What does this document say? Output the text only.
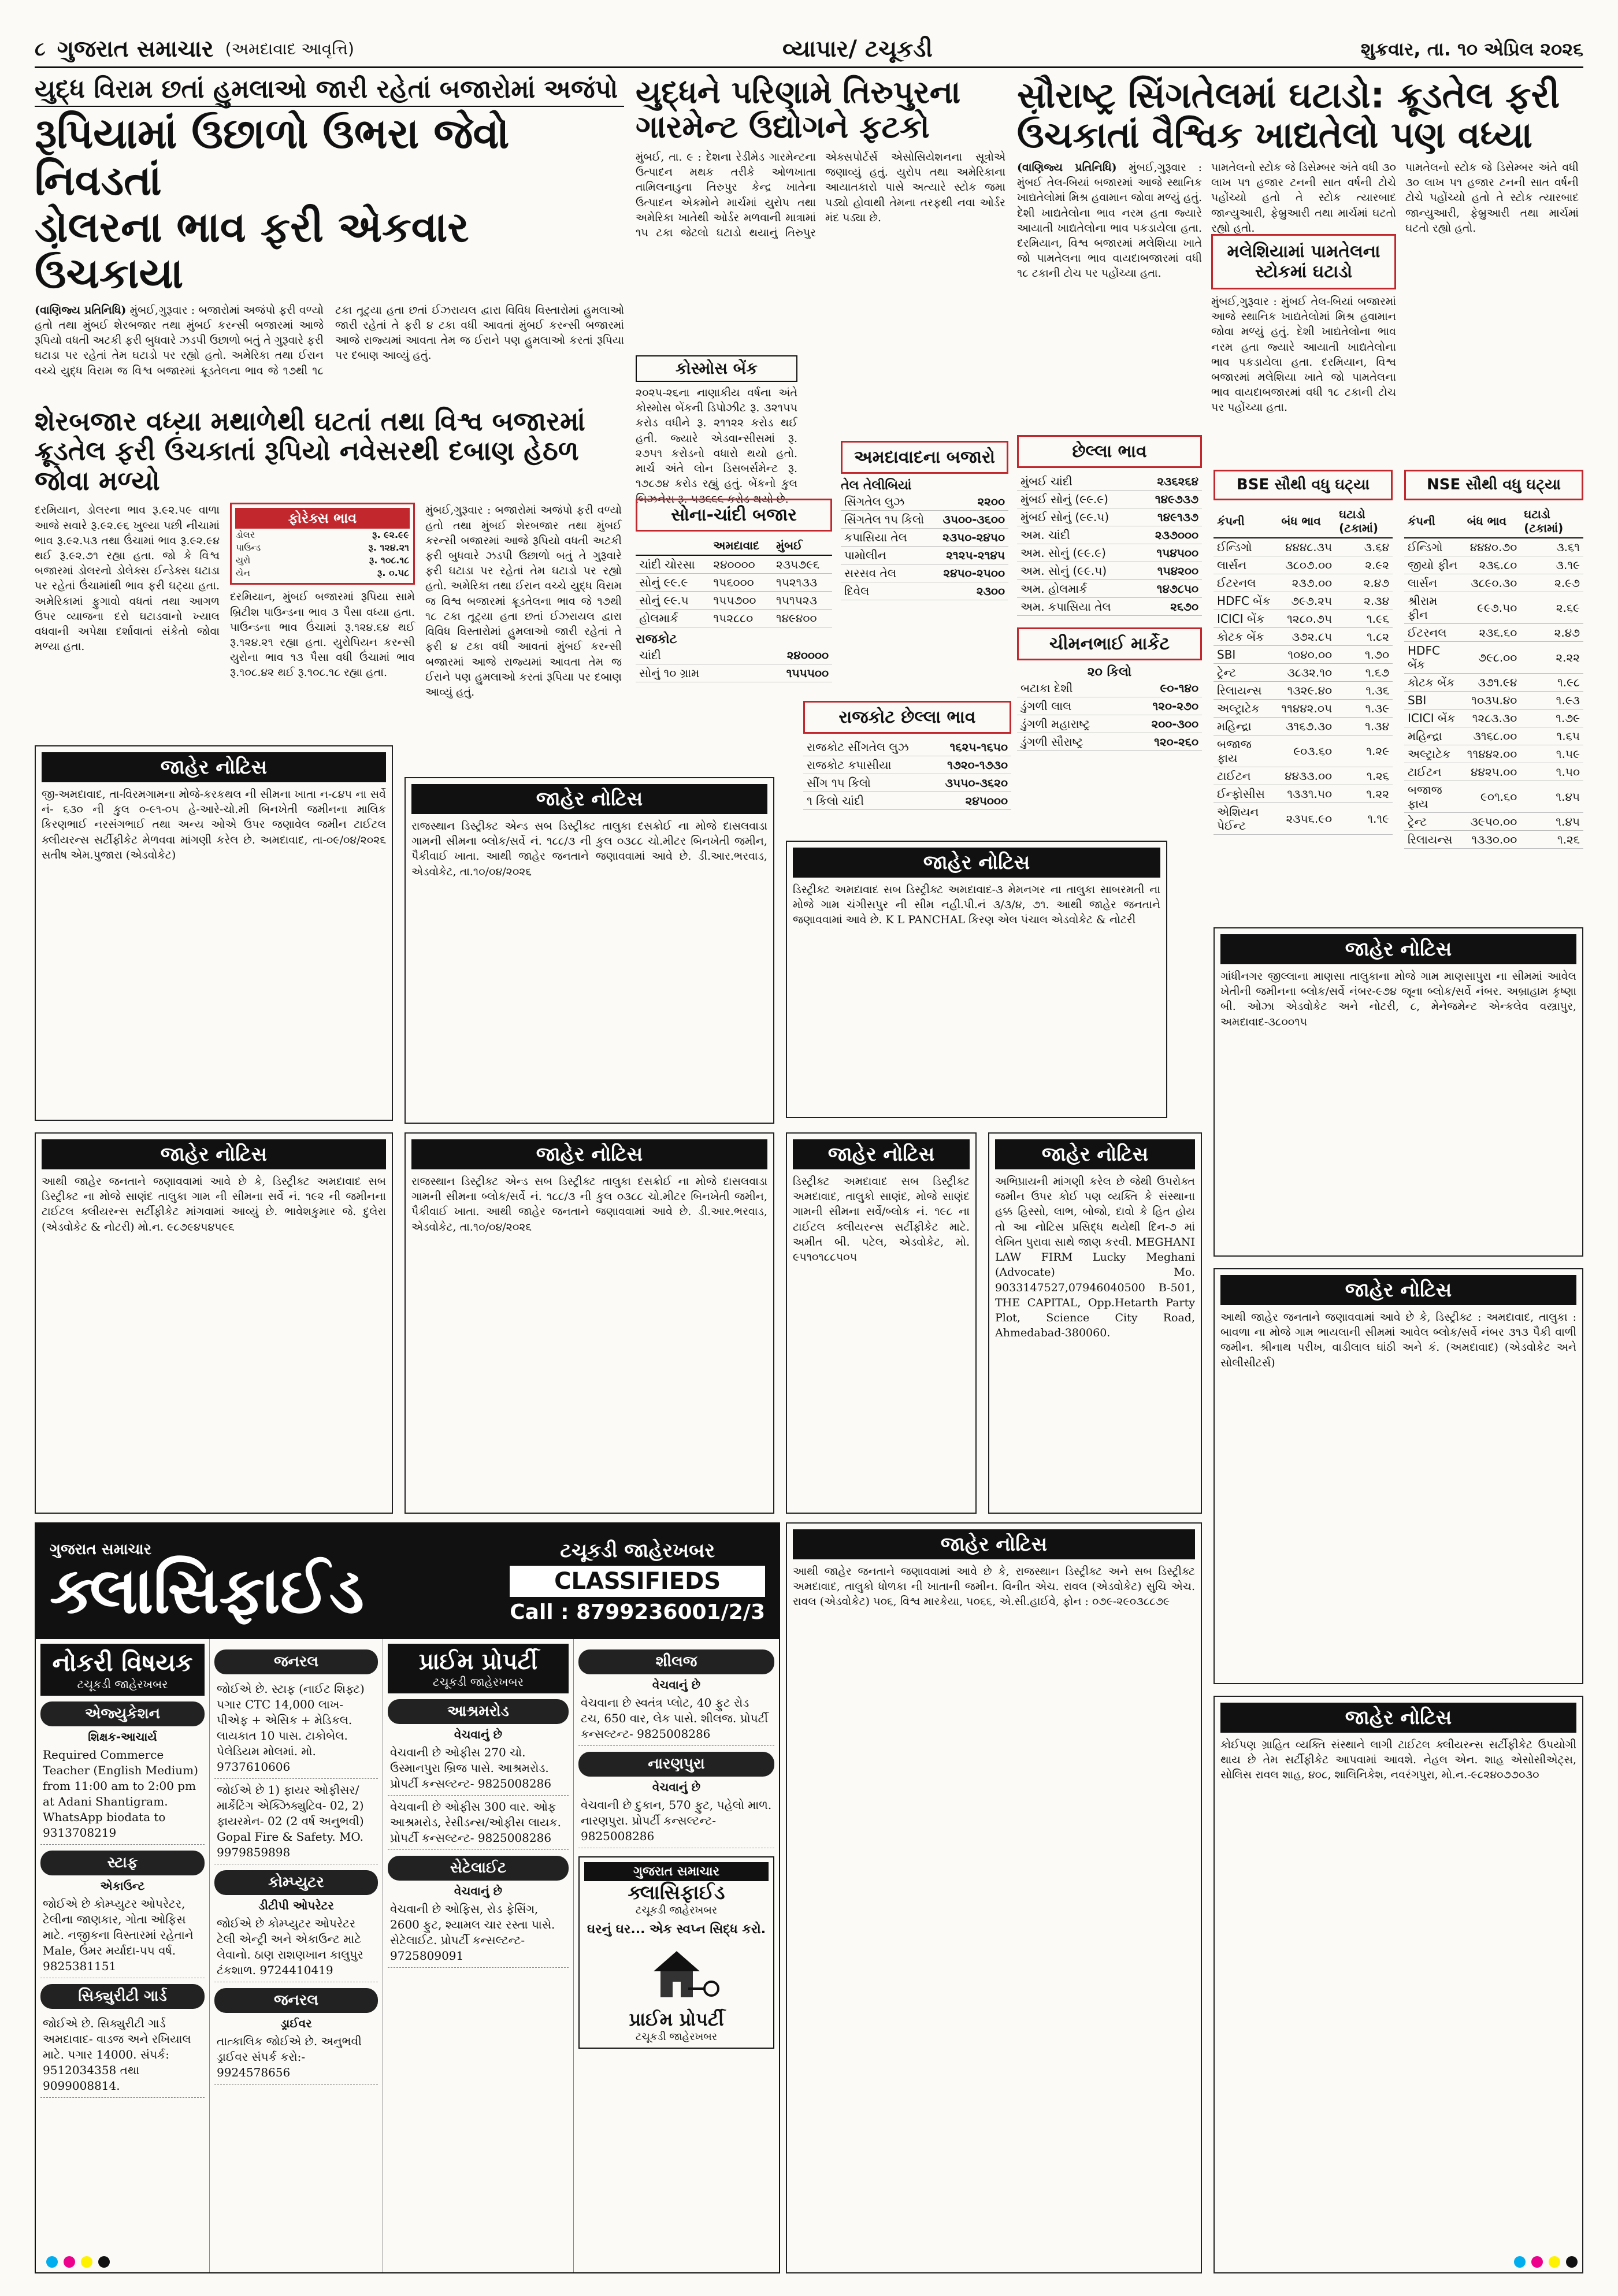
૮ ગુજરાત સમાચાર (અમદાવાદ આવૃત્તિ)	વ્યાપાર/ ટચૂકડી	શુક્રવાર, તા. ૧૦ એપ્રિલ ૨૦૨૬
યુદ્ધ વિરામ છતાં હુમલાઓ જારી રહેતાં બજારોમાં અજંપો
રૂપિયામાં ઉછાળો ઉભરા જેવો નિવડતાં
ડોલરના ભાવ ફરી એકવાર ઉંચકાયા
(વાણિજ્ય પ્રતિનિધિ) મુંબઈ,ગુરૂવાર : બજારોમાં અજંપો ફરી વળ્યો હતો તથા મુંબઈ શેરબજાર તથા મુંબઈ કરન્સી બજારમાં આજે રૂપિયો વધતી અટકી ફરી બુધવારે ઝડપી ઉછાળો બતું તે ગુરૂવારે ફરી ઘટાડા પર રહેતાં તેમ ઘટાડો પર રહ્યો હતો. અમેરિકા તથા ઈરાન વચ્ચે યુદ્ધ વિરામ જ વિશ્વ બજારમાં ક્રૂડતેલના ભાવ જે ૧૭થી ૧૮ ટકા તૂટ્યા હતા છતાં ઈઝરાયલ દ્વારા વિવિધ વિસ્તારોમાં હુમલાઓ જારી રહેતાં તે ફરી ૪ ટકા વધી આવતાં મુંબઈ કરન્સી બજારમાં આજે રાજ્યમાં આવતા તેમ જ ઈરાને પણ હુમલાઓ કરતાં રૂપિયા પર દબાણ આવ્યું હતું.
શેરબજાર વધ્યા મથાળેથી ઘટતાં તથા વિશ્વ બજારમાં ક્રૂડતેલ ફરી ઉંચકાતાં રૂપિયો નવેસરથી દબાણ હેઠળ જોવા મળ્યો
દરમિયાન, ડોલરના ભાવ રૂ.૯૨.૫૯ વાળા આજે સવારે રૂ.૯૨.૯૬ ખુલ્યા પછી નીચામાં ભાવ રૂ.૯૨.૫૩ તથા ઉંચામાં ભાવ રૂ.૯૨.૯૪ થઈ રૂ.૯૨.૭૧ રહ્યા હતા. જો કે વિશ્વ બજારમાં ડોલરનો ડોલેક્સ ઈન્ડેક્સ ઘટાડા પર રહેતાં ઉંચામાંથી ભાવ ફરી ઘટ્યા હતા. અમેરિકામાં ફુગાવો વધતાં તથા આગળ ઉપર વ્યાજના દરો ઘટાડવાનો ખ્યાલ વધવાની અપેક્ષા દર્શાવાતાં સંકેતો જોવા મળ્યા હતા.
ફોરેક્સ ભાવ
ડોલર	રૂ. ૯૨.૯૯
પાઉન્ડ	રૂ. ૧૨૪.૨૧
યુરો	રૂ. ૧૦૮.૧૮
યેન	રૂ. ૦.૫૮
દરમિયાન, મુંબઈ બજારમાં રૂપિયા સામે બ્રિટીશ પાઉન્ડના ભાવ ૩ પૈસા વધ્યા હતા. પાઉન્ડના ભાવ ઉંચામાં રૂ.૧૨૪.૬૪ થઈ રૂ.૧૨૪.૨૧ રહ્યા હતા. યુરોપિયન કરન્સી યુરોના ભાવ ૧૩ પૈસા વધી ઉંચામાં ભાવ રૂ.૧૦૮.૪૨ થઈ રૂ.૧૦૮.૧૮ રહ્યા હતા.
મુંબઈ,ગુરૂવાર : બજારોમાં અજંપો ફરી વળ્યો હતો તથા મુંબઈ શેરબજાર તથા મુંબઈ કરન્સી બજારમાં આજે રૂપિયો વધતી અટકી ફરી બુધવારે ઝડપી ઉછાળો બતું તે ગુરૂવારે ફરી ઘટાડા પર રહેતાં તેમ ઘટાડો પર રહ્યો હતો. અમેરિકા તથા ઈરાન વચ્ચે યુદ્ધ વિરામ જ વિશ્વ બજારમાં ક્રૂડતેલના ભાવ જે ૧૭થી ૧૮ ટકા તૂટ્યા હતા છતાં ઈઝરાયલ દ્વારા વિવિધ વિસ્તારોમાં હુમલાઓ જારી રહેતાં તે ફરી ૪ ટકા વધી આવતાં મુંબઈ કરન્સી બજારમાં આજે રાજ્યમાં આવતા તેમ જ ઈરાને પણ હુમલાઓ કરતાં રૂપિયા પર દબાણ આવ્યું હતું.
યુદ્ધને પરિણામે તિરુપુરના ગારમેન્ટ ઉદ્યોગને ફટકો
મુંબઈ, તા. ૯ : દેશના રેડીમેડ ગારમેન્ટના ઉત્પાદન મથક તરીકે ઓળખાતા તામિલનાડુના તિરુપુર કેન્દ્ર ખાતેના ઉત્પાદન એકમોને માર્ચમાં યુરોપ તથા અમેરિકા ખાતેથી ઓર્ડર મળવાની માત્રામાં ૧૫ ટકા જેટલો ઘટાડો થયાનું તિરુપુર એક્સપોર્ટર્સ એસોસિયેશનના સૂત્રોએ જણાવ્યું હતું. યુરોપ તથા અમેરિકાના આયાતકારો પાસે અત્યારે સ્ટોક જમા પડ્યો હોવાથી તેમના તરફથી નવા ઓર્ડર મંદ પડ્યા છે.
કોસ્મોસ બેંક
૨૦૨૫-૨૬ના નાણાકીય વર્ષના અંતે કોસ્મોસ બેંકની ડિપોઝીટ રૂ. ૩૨૧૫૫ કરોડ વધીને રૂ. ૨૧૧૨૨ કરોડ થઈ હતી. જ્યારે એડવાન્સીસમાં રૂ. ૨૭૫૧ કરોડનો વધારો થયો હતો. માર્ચ અંતે લોન ડિસબર્સમેન્ટ રૂ. ૧૭૮૭૪ કરોડ રહ્યું હતું. બેંકનો કુલ બિઝનેસ રૂ. ૫૩૬૬૬ કરોડ થયો છે.
સોના-ચાંદી બજાર
	અમદાવાદ	મુંબઈ
ચાંદી ચોરસા	૨૪૦૦૦૦	૨૩૫૭૯૬
સોનું ૯૯.૯	૧૫૬૦૦૦	૧૫૨૧૩૩
સોનું ૯૯.૫	૧૫૫૭૦૦	૧૫૧૫૨૩
હોલમાર્ક	૧૫૨૮૮૦	૧૪૯૪૦૦
રાજકોટ
ચાંદી	૨૪૦૦૦૦
સોનું ૧૦ ગ્રામ	૧૫૫૫૦૦
અમદાવાદના બજારો
તેલ તેલીબિયાં
સિંગતેલ લુઝ	૨૨૦૦
સિંગતેલ ૧૫ કિલો	૩૫૦૦-૩૬૦૦
કપાસિયા તેલ	૨૩૫૦-૨૪૫૦
પામોલીન	૨૧૨૫-૨૧૪૫
સરસવ તેલ	૨૪૫૦-૨૫૦૦
દિવેલ	૨૩૦૦
રાજકોટ છેલ્લા ભાવ
રાજકોટ સીંગતેલ લુઝ	૧૬૨૫-૧૬૫૦
રાજકોટ કપાસીયા	૧૭૨૦-૧૭૩૦
સીંગ ૧૫ કિલો	૩૫૫૦-૩૬૨૦
૧ કિલો ચાંદી	૨૪૫૦૦૦
સૌરાષ્ટ્ર સિંગતેલમાં ઘટાડો: ક્રૂડતેલ ફરી
ઉંચકાતાં વૈશ્વિક ખાદ્યતેલો પણ વધ્યા
(વાણિજ્ય પ્રતિનિધિ) મુંબઈ,ગુરૂવાર : મુંબઈ તેલ-બિયાં બજારમાં આજે સ્થાનિક ખાદ્યતેલોમાં મિશ્ર હવામાન જોવા મળ્યું હતું. દેશી ખાદ્યતેલોના ભાવ નરમ હતા જ્યારે આયાતી ખાદ્યતેલોના ભાવ પકડાયેલા હતા. દરમિયાન, વિશ્વ બજારમાં મલેશિયા ખાતે જો પામતેલના ભાવ વાયદાબજારમાં વધી ૧૮ ટકાની ટોચ પર પહોંચ્યા હતા.
પામતેલનો સ્ટોક જે ડિસેમ્બર અંતે વધી ૩૦ લાખ ૫૧ હજાર ટનની સાત વર્ષની ટોચે પહોંચ્યો હતો તે સ્ટોક ત્યારબાદ જાન્યુઆરી, ફેબ્રુઆરી તથા માર્ચમાં ઘટતો રહ્યો હતો.
મલેશિયામાં પામતેલના સ્ટોકમાં ઘટાડો
મુંબઈ,ગુરૂવાર : મુંબઈ તેલ-બિયાં બજારમાં આજે સ્થાનિક ખાદ્યતેલોમાં મિશ્ર હવામાન જોવા મળ્યું હતું. દેશી ખાદ્યતેલોના ભાવ નરમ હતા જ્યારે આયાતી ખાદ્યતેલોના ભાવ પકડાયેલા હતા. દરમિયાન, વિશ્વ બજારમાં મલેશિયા ખાતે જો પામતેલના ભાવ વાયદાબજારમાં વધી ૧૮ ટકાની ટોચ પર પહોંચ્યા હતા.
પામતેલનો સ્ટોક જે ડિસેમ્બર અંતે વધી ૩૦ લાખ ૫૧ હજાર ટનની સાત વર્ષની ટોચે પહોંચ્યો હતો તે સ્ટોક ત્યારબાદ જાન્યુઆરી, ફેબ્રુઆરી તથા માર્ચમાં ઘટતો રહ્યો હતો.
છેલ્લા ભાવ
મુંબઈ ચાંદી	૨૩૬૨૬૪
મુંબઈ સોનું (૯૯.૯)	૧૪૯૭૩૭
મુંબઈ સોનું (૯૯.૫)	૧૪૯૧૩૭
અમ. ચાંદી	૨૩૭૦૦૦
અમ. સોનું (૯૯.૯)	૧૫૪૫૦૦
અમ. સોનું (૯૯.૫)	૧૫૪૨૦૦
અમ. હોલમાર્ક	૧૪૭૮૫૦
અમ. કપાસિયા તેલ	૨૬૭૦
ચીમનભાઈ માર્કેટ
૨૦ કિલો
બટાકા દેશી	૯૦-૧૪૦
ડુંગળી લાલ	૧૨૦-૨૭૦
ડુંગળી મહારાષ્ટ્ર	૨૦૦-૩૦૦
ડુંગળી સૌરાષ્ટ્ર	૧૨૦-૨૬૦
BSE સૌથી વધુ ઘટ્યા
કંપની	બંધ ભાવ	ઘટાડો (ટકામાં)
ઈન્ડિગો	૪૪૪૮.૩૫	૩.૬૪
લાર્સન	૩૮૦૭.૦૦	૨.૯૨
ઈટરનલ	૨૩૭.૦૦	૨.૪૭
HDFC બેંક	૭૯૭.૨૫	૨.૩૪
ICICI બેંક	૧૨૮૦.૭૫	૧.૯૬
કોટક બેંક	૩૭૨.૮૫	૧.૮૨
SBI	૧૦૪૦.૦૦	૧.૭૦
ટ્રેન્ટ	૩૮૩૨.૧૦	૧.૬૭
રિલાયન્સ	૧૩૨૯.૪૦	૧.૩૬
અલ્ટ્રાટેક	૧૧૪૪૨.૦૫	૧.૩૯
મહિન્દ્રા	૩૧૬૭.૩૦	૧.૩૪
બજાજ ફાય	૯૦૩.૬૦	૧.૨૯
ટાઈટન	૪૪૩૩.૦૦	૧.૨૬
ઈન્ફોસીસ	૧૩૩૧.૫૦	૧.૨૨
એશિયન પેઈન્ટ	૨૩૫૬.૯૦	૧.૧૯
NSE સૌથી વધુ ઘટ્યા
કંપની	બંધ ભાવ	ઘટાડો (ટકામાં)
ઈન્ડિગો	૪૪૪૦.૭૦	૩.૬૧
જીયો ફીન	૨૩૬.૮૦	૩.૧૯
લાર્સન	૩૮૯૦.૩૦	૨.૯૭
શ્રીરામ ફીન	૯૯૭.૫૦	૨.૬૯
ઈટરનલ	૨૩૬.૬૦	૨.૪૭
HDFC બેંક	૭૯૮.૦૦	૨.૨૨
કોટક બેંક	૩૭૧.૯૪	૧.૯૮
SBI	૧૦૩૫.૪૦	૧.૯૩
ICICI બેંક	૧૨૮૩.૩૦	૧.૭૯
મહિન્દ્રા	૩૧૬૮.૦૦	૧.૬૫
અલ્ટ્રાટેક	૧૧૪૪૨.૦૦	૧.૫૯
ટાઈટન	૪૪૨૫.૦૦	૧.૫૦
બજાજ ફાય	૯૦૧.૬૦	૧.૪૫
ટ્રેન્ટ	૩૯૫૦.૦૦	૧.૪૫
રિલાયન્સ	૧૩૩૦.૦૦	૧.૨૬
જાહેર નોટિસ
જી-અમદાવાદ, તા-વિરમગામના મોજે-કરકથલ ની સીમના ખાતા ન-૮૪૫ ના સર્વે નં- ૬૩૦ ની કુલ ૦-૯૧-૦૫ હે-આરે-ચો.મી બિનખેતી જમીનના માલિક કિરણભાઈ નરસંગભાઈ તથા અન્ય ઓએ ઉપર જણાવેલ જમીન ટાઈટલ ક્લીયરન્સ સર્ટીફીકેટ મેળવવા માંગણી કરેલ છે. અમદાવાદ, તા-૦૯/૦૪/૨૦૨૬ સતીષ એમ.પુજારા (એડવોકેટ)
જાહેર નોટિસ
રાજસ્થાન ડિસ્ટ્રીક્ટ એન્ડ સબ ડિસ્ટ્રીક્ટ તાલુકા દસક્રોઈ ના મોજે દાસલવાડા ગામની સીમના બ્લોક/સર્વે નં. ૧૮૮/૩ ની કુલ ૦૩૮૮ ચો.મીટર બિનખેતી જમીન, પૈકીવાઈ ખાતા. આથી જાહેર જનતાને જણાવવામાં આવે છે. ડી.આર.ભરવાડ, એડવોકેટ, તા.૧૦/૦૪/૨૦૨૬	જાહેર નોટિસ
ડિસ્ટ્રીક્ટ અમદાવાદ સબ ડિસ્ટ્રીક્ટ અમદાવાદ-૩ મેમનગર ના તાલુકા સાબરમતી ના મોજે ગામ ચંગીસપુર ની સીમ નહી.પી.નં ૩/૩/૪, ૭૧. આથી જાહેર જનતાને જણાવવામાં આવે છે. K L PANCHAL કિરણ એલ પંચાલ એડવોકેટ & નોટરી
જાહેર નોટિસ
ગાંધીનગર જીલ્લાના માણસા તાલુકાના મોજે ગામ માણસાપુરા ના સીમમાં આવેલ ખેતીની જમીનના બ્લોક/સર્વે નંબર-૯૭૪ જૂના બ્લોક/સર્વે નંબર. અબ્રાહામ કૃષ્ણા બી. ઓઝા એડવોકેટ અને નોટરી, ૮, મેનેજમેન્ટ એન્કલેવ વસ્ત્રાપુર, અમદાવાદ-૩૮૦૦૧૫
જાહેર નોટિસ
આથી જાહેર જનતાને જણાવવામાં આવે છે કે, ડિસ્ટ્રીક્ટ અમદાવાદ સબ ડિસ્ટ્રીક્ટ ના મોજે સાણંદ તાલુકા ગામ ની સીમના સર્વે નં. ૧૯૨ ની જમીનના ટાઈટલ ક્લીયરન્સ સર્ટીફીકેટ માંગવામાં આવ્યું છે. ભાવેશકુમાર જે. દુલેરા (એડવોકેટ & નોટરી) મો.ન. ૯૮૭૯૪૫૪૫૯૬
જાહેર નોટિસ
રાજસ્થાન ડિસ્ટ્રીક્ટ એન્ડ સબ ડિસ્ટ્રીક્ટ તાલુકા દસક્રોઈ ના મોજે દાસલવાડા ગામની સીમના બ્લોક/સર્વે નં. ૧૮૮/૩ ની કુલ ૦૩૮૮ ચો.મીટર બિનખેતી જમીન, પૈકીવાઈ ખાતા. આથી જાહેર જનતાને જણાવવામાં આવે છે. ડી.આર.ભરવાડ, એડવોકેટ, તા.૧૦/૦૪/૨૦૨૬
જાહેર નોટિસ
ડિસ્ટ્રીક્ટ અમદાવાદ સબ ડિસ્ટ્રીક્ટ અમદાવાદ, તાલુકો સાણંદ, મોજે સાણંદ ગામની સીમના સર્વે/બ્લોક નં. ૧૯૮ ના ટાઈટલ ક્લીયરન્સ સર્ટીફીકેટ માટે. અમીત બી. પટેલ, એડવોકેટ, મો. ૯૫૧૦૧૮૮૫૦૫
જાહેર નોટિસ
અભિપ્રાયની માંગણી કરેલ છે જેથી ઉપરોક્ત જમીન ઉપર કોઈ પણ વ્યક્તિ કે સંસ્થાના હક્ક હિસ્સો, લાભ, બોજો, દાવો કે હિત હોય તો આ નોટિસ પ્રસિદ્ધ થયેથી દિન-૭ માં લેખિત પુરાવા સાથે જાણ કરવી. MEGHANI LAW FIRM Lucky Meghani (Advocate) Mo. 9033147527,07946040500 B-501, THE CAPITAL, Opp.Hetarth Party Plot, Science City Road, Ahmedabad-380060.
જાહેર નોટિસ
આથી જાહેર જનતાને જણાવવામાં આવે છે કે, ડિસ્ટ્રીક્ટ : અમદાવાદ, તાલુકા : બાવળા ના મોજે ગામ ભાયલાની સીમમાં આવેલ બ્લોક/સર્વે નંબર ૩૧૩ પૈકી વાળી જમીન. શ્રીનાથ પરીખ, વાડીલાલ ઘાંઠી અને કં. (અમદાવાદ) (એડવોકેટ અને સોલીસીટર્સ)
ગુજરાત સમાચાર
ક્લાસિફાઈડ
ટચૂકડી જાહેરખબર
CLASSIFIEDS
Call : 8799236001/2/3
નોકરી વિષયક
ટચૂકડી જાહેરખબર
એજ્યુકેશન
શિક્ષક-આચાર્ય
Required Commerce Teacher (English Medium) from 11:00 am to 2:00 pm at Adani Shantigram. WhatsApp biodata to 9313708219
સ્ટાફ
એકાઉન્ટ
જોઈએ છે કોમ્પ્યુટર ઓપરેટર, ટેલીના જાણકાર, ગોતા ઓફિસ માટે. નજીકના વિસ્તારમાં રહેતાને Male, ઉંમર મર્યાદા-૫૫ વર્ષ. 9825381151
સિક્યુરીટી ગાર્ડ
જોઈએ છે. સિક્યુરીટી ગાર્ડ અમદાવાદ- વાડજ અને રખિયાલ માટે. પગાર 14000. સંપર્ક: 9512034358 તથા 9099008814.
જનરલ
જોઈએ છે. સ્ટાફ (નાઈટ શિફ્ટ) પગાર CTC 14,000 લાખ- પીએફ + એસિક + મેડિકલ. લાયકાત 10 પાસ. ટાકોબેલ. પેલેડિયમ મોલમાં. મો. 9737610606
જોઈએ છે 1) ફાયર ઓફીસર/માર્કેટિંગ એક્ઝિક્યુટિવ- 02, 2) ફાયરમેન- 02 (2 વર્ષ અનુભવી) Gopal Fire & Safety. MO. 9979859898
કોમ્પ્યુટર
ડીટીપી ઓપરેટર
જોઈએ છે કોમ્પ્યુટર ઓપરેટર ટેલી એન્ટ્રી અને એકાઉન્ટ માટે લેવાનો. ઠાણ રાશણખાન કાલુપુર ટંકશાળ. 9724410419
જનરલ
ડ્રાઈવર
તાત્કાલિક જોઈએ છે. અનુભવી ડ્રાઈવર સંપર્ક કરો:- 9924578656
પ્રાઈમ પ્રોપર્ટી
ટચૂકડી જાહેરખબર
આશ્રમરોડ
વેચવાનું છે
વેચવાની છે ઓફીસ 270 ચો. ઉસ્માનપુરા બ્રિજ પાસે. આશ્રમરોડ. પ્રોપર્ટી કન્સલ્ટન્ટ- 9825008286
વેચવાની છે ઓફીસ 300 વાર. ઓફ આશ્રમરોડ, રેસીડન્સ/ઓફીસ લાયક. પ્રોપર્ટી કન્સલ્ટન્ટ- 9825008286
સેટેલાઈટ
વેચવાનું છે
વેચવાની છે ઓફિસ, રોડ ફેસિંગ, 2600 ફુટ, શ્યામલ ચાર રસ્તા પાસે. સેટેલાઈટ. પ્રોપર્ટી કન્સલ્ટન્ટ- 9725809091
શીલજ
વેચવાનું છે
વેચવાના છે સ્વતંત્ર પ્લોટ, 40 ફુટ રોડ ટચ, 650 વાર, લેક પાસે. શીલજ. પ્રોપર્ટી કન્સલ્ટન્ટ- 9825008286
નારણપુરા
વેચવાનું છે
વેચવાની છે દુકાન, 570 ફુટ, પહેલો માળ. નારણપુરા. પ્રોપર્ટી કન્સલ્ટન્ટ- 9825008286
ગુજરાત સમાચાર
ક્લાસિફાઈડ
ટચૂકડી જાહેરખબર
ઘરનું ઘર... એક સ્વપ્ન સિદ્ધ કરો.
પ્રાઈમ પ્રોપર્ટી
ટચૂકડી જાહેરખબર
જાહેર નોટિસ
આથી જાહેર જનતાને જણાવવામાં આવે છે કે, રાજસ્થાન ડિસ્ટ્રીક્ટ અને સબ ડિસ્ટ્રીક્ટ અમદાવાદ, તાલુકો ધોળકા ની ખાતાની જમીન. વિનીત એચ. રાવલ (એડવોકેટ) સુચિ એચ. રાવલ (એડવોકેટ) ૫૦૬, વિશ્વ મારકેયા, ૫૦૬૬, એ.સી.હાઈવે, ફોન : ૦૭૯-૨૯૦૩૮૮૭૯
જાહેર નોટિસ
કોઈપણ ગ્રાહિત વ્યક્તિ સંસ્થાને લાગી ટાઈટલ ક્લીયરન્સ સર્ટીફીકેટ ઉપયોગી થાય છે તેમ સર્ટીફીકેટ આપવામાં આવશે. નેહલ એન. શાહ એસોસીએટ્સ, સોલિસ રાવલ શાહ, ૪૦૮, શાલિનિકેશ, નવરંગપુરા, મો.ન.-૯૮૨૪૦૭૭૦૩૦
